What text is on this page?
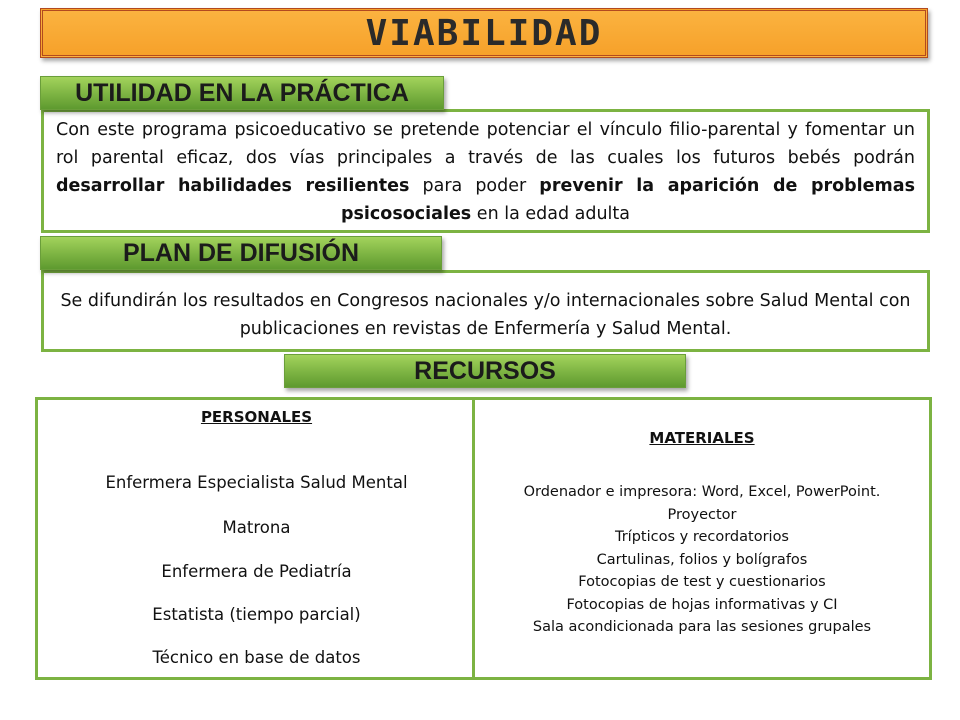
VIABILIDAD

Con este programa psicoeducativo se pretende potenciar el vínculo filio-parental y fomentar un rol parental eficaz, dos vías principales a través de las cuales los futuros bebés podrán desarrollar habilidades resilientes para poder prevenir la aparición de problemas psicosociales en la edad adulta

UTILIDAD EN LA PRÁCTICA

Se difundirán los resultados en Congresos nacionales y/o internacionales sobre Salud Mental con publicaciones en revistas de Enfermería y Salud Mental.

PLAN DE DIFUSIÓN
RECURSOS

PERSONALES

Enfermera Especialista Salud Mental

Matrona

Enfermera de Pediatría

Estatista (tiempo parcial)

Técnico en base de datos

MATERIALES

Ordenador e impresora: Word, Excel, PowerPoint.

Proyector

Trípticos y recordatorios

Cartulinas, folios y bolígrafos

Fotocopias de test y cuestionarios

Fotocopias de hojas informativas y CI

Sala acondicionada para las sesiones grupales
